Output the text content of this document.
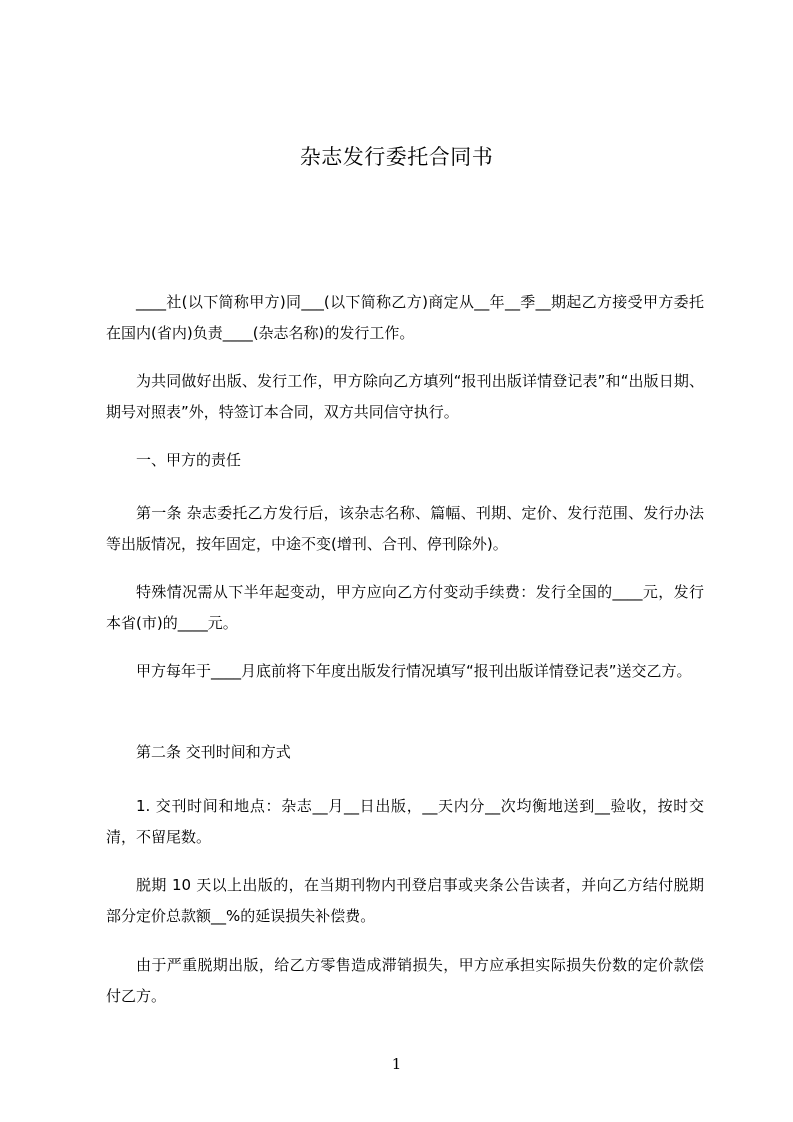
杂志发行委托合同书

____社(以下简称甲方)同___(以下简称乙方)商定从__年__季__期起乙方接受甲方委托在国内(省内)负责____(杂志名称)的发行工作。

为共同做好出版、发行工作，甲方除向乙方填列“报刊出版详情登记表”和“出版日期、期号对照表”外，特签订本合同，双方共同信守执行。

一、甲方的责任

第一条 杂志委托乙方发行后，该杂志名称、篇幅、刊期、定价、发行范围、发行办法等出版情况，按年固定，中途不变(增刊、合刊、停刊除外)。

特殊情况需从下半年起变动，甲方应向乙方付变动手续费：发行全国的____元，发行本省(市)的____元。

甲方每年于____月底前将下年度出版发行情况填写“报刊出版详情登记表”送交乙方。

第二条 交刊时间和方式

1. 交刊时间和地点：杂志__月__日出版，__天内分__次均衡地送到__验收，按时交清，不留尾数。

脱期 10 天以上出版的，在当期刊物内刊登启事或夹条公告读者，并向乙方结付脱期部分定价总款额__%的延误损失补偿费。

由于严重脱期出版，给乙方零售造成滞销损失，甲方应承担实际损失份数的定价款偿付乙方。

1
